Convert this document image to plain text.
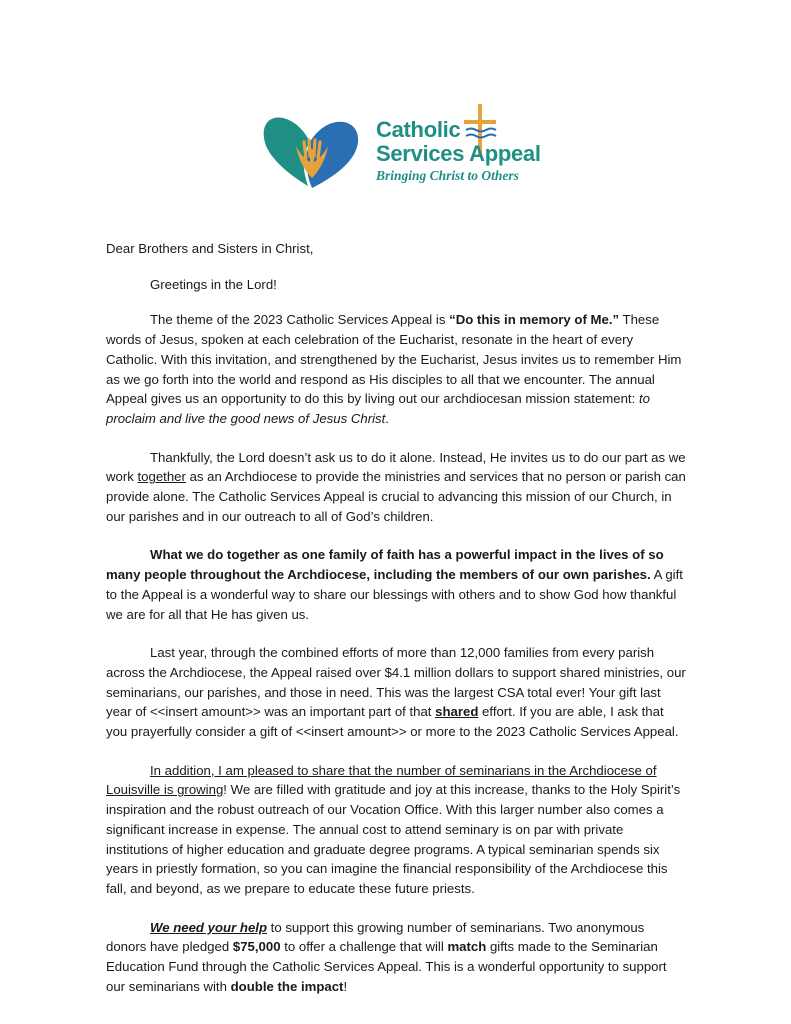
Catholic
Services Appeal
Bringing Christ to Others

Dear Brothers and Sisters in Christ,

Greetings in the Lord!

The theme of the 2023 Catholic Services Appeal is “Do this in memory of Me.” These words of Jesus, spoken at each celebration of the Eucharist, resonate in the heart of every Catholic. With this invitation, and strengthened by the Eucharist, Jesus invites us to remember Him as we go forth into the world and respond as His disciples to all that we encounter. The annual Appeal gives us an opportunity to do this by living out our archdiocesan mission statement: to proclaim and live the good news of Jesus Christ.

Thankfully, the Lord doesn’t ask us to do it alone. Instead, He invites us to do our part as we work together as an Archdiocese to provide the ministries and services that no person or parish can provide alone. The Catholic Services Appeal is crucial to advancing this mission of our Church, in our parishes and in our outreach to all of God’s children.

What we do together as one family of faith has a powerful impact in the lives of so many people throughout the Archdiocese, including the members of our own parishes. A gift to the Appeal is a wonderful way to share our blessings with others and to show God how thankful we are for all that He has given us.

Last year, through the combined efforts of more than 12,000 families from every parish across the Archdiocese, the Appeal raised over $4.1 million dollars to support shared ministries, our seminarians, our parishes, and those in need. This was the largest CSA total ever! Your gift last year of <<insert amount>> was an important part of that shared effort. If you are able, I ask that you prayerfully consider a gift of <<insert amount>> or more to the 2023 Catholic Services Appeal.

In addition, I am pleased to share that the number of seminarians in the Archdiocese of Louisville is growing! We are filled with gratitude and joy at this increase, thanks to the Holy Spirit’s inspiration and the robust outreach of our Vocation Office. With this larger number also comes a significant increase in expense. The annual cost to attend seminary is on par with private institutions of higher education and graduate degree programs. A typical seminarian spends six years in priestly formation, so you can imagine the financial responsibility of the Archdiocese this fall, and beyond, as we prepare to educate these future priests.

We need your help to support this growing number of seminarians. Two anonymous donors have pledged $75,000 to offer a challenge that will match gifts made to the Seminarian Education Fund through the Catholic Services Appeal. This is a wonderful opportunity to support our seminarians with double the impact!
